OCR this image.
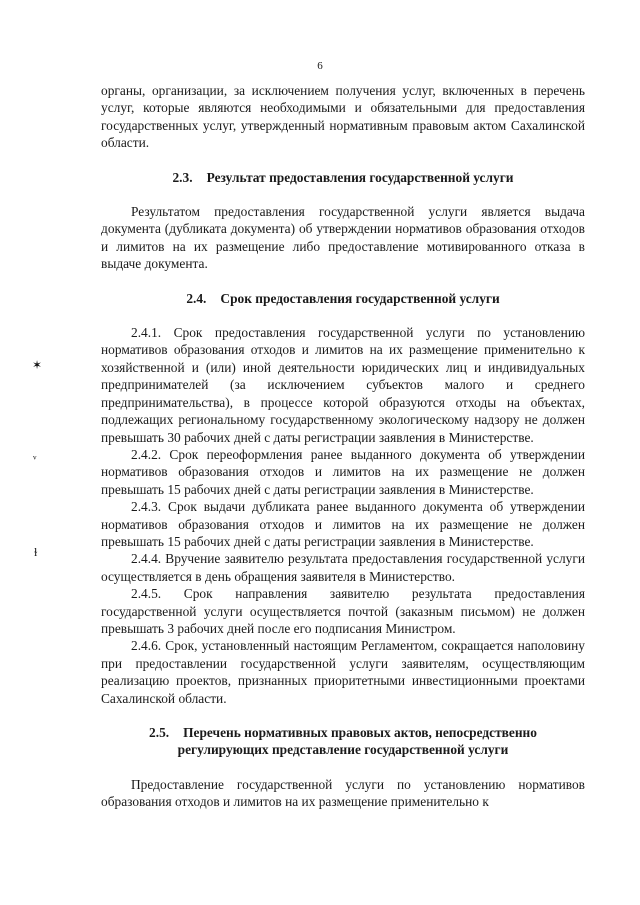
6
✶
ᵛ
ɫ

органы, организации, за исключением получения услуг, включенных в перечень услуг, которые являются необходимыми и обязательными для предоставления государственных услуг, утвержденный нормативным правовым актом Сахалинской области.

2.3. Результат предоставления государственной услуги

Результатом предоставления государственной услуги является выдача документа (дубликата документа) об утверждении нормативов образования отходов и лимитов на их размещение либо предоставление мотивированного отказа в выдаче документа.

2.4. Срок предоставления государственной услуги

2.4.1. Срок предоставления государственной услуги по установлению нормативов образования отходов и лимитов на их размещение применительно к хозяйственной и (или) иной деятельности юридических лиц и индивидуальных предпринимателей (за исключением субъектов малого и среднего предпринимательства), в процессе которой образуются отходы на объектах, подлежащих региональному государственному экологическому надзору не должен превышать 30 рабочих дней с даты регистрации заявления в Министерстве.

2.4.2. Срок переоформления ранее выданного документа об утверждении нормативов образования отходов и лимитов на их размещение не должен превышать 15 рабочих дней с даты регистрации заявления в Министерстве.

2.4.3. Срок выдачи дубликата ранее выданного документа об утверждении нормативов образования отходов и лимитов на их размещение не должен превышать 15 рабочих дней с даты регистрации заявления в Министерстве.

2.4.4. Вручение заявителю результата предоставления государственной услуги осуществляется в день обращения заявителя в Министерство.

2.4.5. Срок направления заявителю результата предоставления государственной услуги осуществляется почтой (заказным письмом) не должен превышать 3 рабочих дней после его подписания Министром.

2.4.6. Срок, установленный настоящим Регламентом, сокращается наполовину при предоставлении государственной услуги заявителям, осуществляющим реализацию проектов, признанных приоритетными инвестиционными проектами Сахалинской области.

2.5. Перечень нормативных правовых актов, непосредственно
регулирующих представление государственной услуги

Предоставление государственной услуги по установлению нормативов образования отходов и лимитов на их размещение применительно к
